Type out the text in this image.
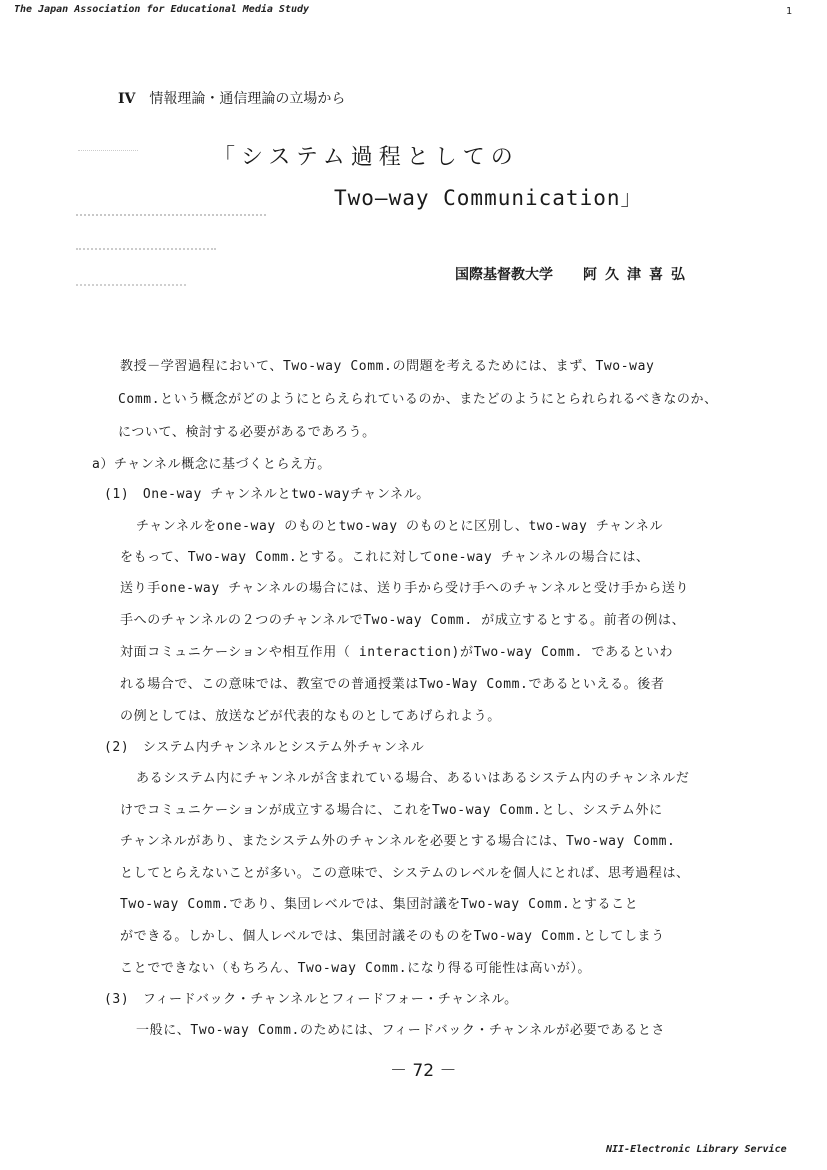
The Japan Association for Educational Media Study	1
IV 情報理論・通信理論の立場から
「システム過程としての
Two—way Communication」
国際基督教大学 阿久津喜弘
教授－学習過程において、Two-way Comm.の問題を考えるためには、まず、Two-way
Comm.という概念がどのようにとらえられているのか、またどのようにとられられるべきなのか、
について、検討する必要があるであろう。
a）チャンネル概念に基づくとらえ方。
(1)　One-way チャンネルとtwo-wayチャンネル。
チャンネルをone-way のものとtwo-way のものとに区別し、two-way チャンネル
をもって、Two-way Comm.とする。これに対してone-way チャンネルの場合には、
送り手one-way チャンネルの場合には、送り手から受け手へのチャンネルと受け手から送り
手へのチャンネルの２つのチャンネルでTwo-way Comm. が成立するとする。前者の例は、
対面コミュニケーションや相互作用（ interaction)がTwo-way Comm. であるといわ
れる場合で、この意味では、教室での普通授業はTwo-Way Comm.であるといえる。後者
の例としては、放送などが代表的なものとしてあげられよう。
(2)　システム内チャンネルとシステム外チャンネル
あるシステム内にチャンネルが含まれている場合、あるいはあるシステム内のチャンネルだ
けでコミュニケーションが成立する場合に、これをTwo-way Comm.とし、システム外に
チャンネルがあり、またシステム外のチャンネルを必要とする場合には、Two-way Comm.
としてとらえないことが多い。この意味で、システムのレベルを個人にとれば、思考過程は、
Two-way Comm.であり、集団レベルでは、集団討議をTwo-way Comm.とすること
ができる。しかし、個人レベルでは、集団討議そのものをTwo-way Comm.としてしまう
ことでできない（もちろん、Two-way Comm.になり得る可能性は高いが）。
(3)　フィードバック・チャンネルとフィードフォー・チャンネル。
一般に、Two-way Comm.のためには、フィードバック・チャンネルが必要であるとさ
－ 72 －
NII-Electronic Library Service
